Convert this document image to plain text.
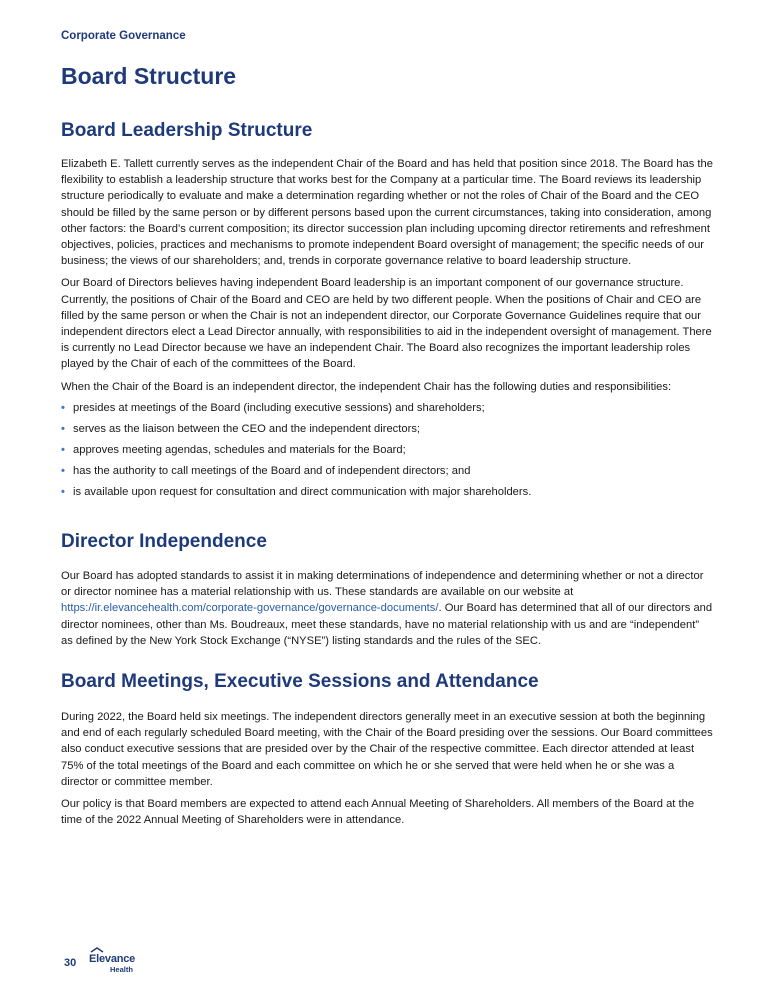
Corporate Governance
Board Structure
Board Leadership Structure

Elizabeth E. Tallett currently serves as the independent Chair of the Board and has held that position since 2018. The Board has the flexibility to establish a leadership structure that works best for the Company at a particular time. The Board reviews its leadership structure periodically to evaluate and make a determination regarding whether or not the roles of Chair of the Board and the CEO should be filled by the same person or by different persons based upon the current circumstances, taking into consideration, among other factors: the Board’s current composition; its director succession plan including upcoming director retirements and refreshment objectives, policies, practices and mechanisms to promote independent Board oversight of management; the specific needs of our business; the views of our shareholders; and, trends in corporate governance relative to board leadership structure.

Our Board of Directors believes having independent Board leadership is an important component of our governance structure. Currently, the positions of Chair of the Board and CEO are held by two different people. When the positions of Chair and CEO are filled by the same person or when the Chair is not an independent director, our Corporate Governance Guidelines require that our independent directors elect a Lead Director annually, with responsibilities to aid in the independent oversight of management. There is currently no Lead Director because we have an independent Chair. The Board also recognizes the important leadership roles played by the Chair of each of the committees of the Board.

When the Chair of the Board is an independent director, the independent Chair has the following duties and responsibilities:

• presides at meetings of the Board (including executive sessions) and shareholders;
• serves as the liaison between the CEO and the independent directors;
• approves meeting agendas, schedules and materials for the Board;
• has the authority to call meetings of the Board and of independent directors; and
• is available upon request for consultation and direct communication with major shareholders.
Director Independence

Our Board has adopted standards to assist it in making determinations of independence and determining whether or not a director or director nominee has a material relationship with us. These standards are available on our website at https://ir.elevancehealth.com/corporate-governance/governance-documents/. Our Board has determined that all of our directors and director nominees, other than Ms. Boudreaux, meet these standards, have no material relationship with us and are “independent” as defined by the New York Stock Exchange (“NYSE”) listing standards and the rules of the SEC.

Board Meetings, Executive Sessions and Attendance

During 2022, the Board held six meetings. The independent directors generally meet in an executive session at both the beginning and end of each regularly scheduled Board meeting, with the Chair of the Board presiding over the sessions. Our Board committees also conduct executive sessions that are presided over by the Chair of the respective committee. Each director attended at least 75% of the total meetings of the Board and each committee on which he or she served that were held when he or she was a director or committee member.

Our policy is that Board members are expected to attend each Annual Meeting of Shareholders. All members of the Board at the time of the 2022 Annual Meeting of Shareholders were in attendance.

30 Elevance
Health
